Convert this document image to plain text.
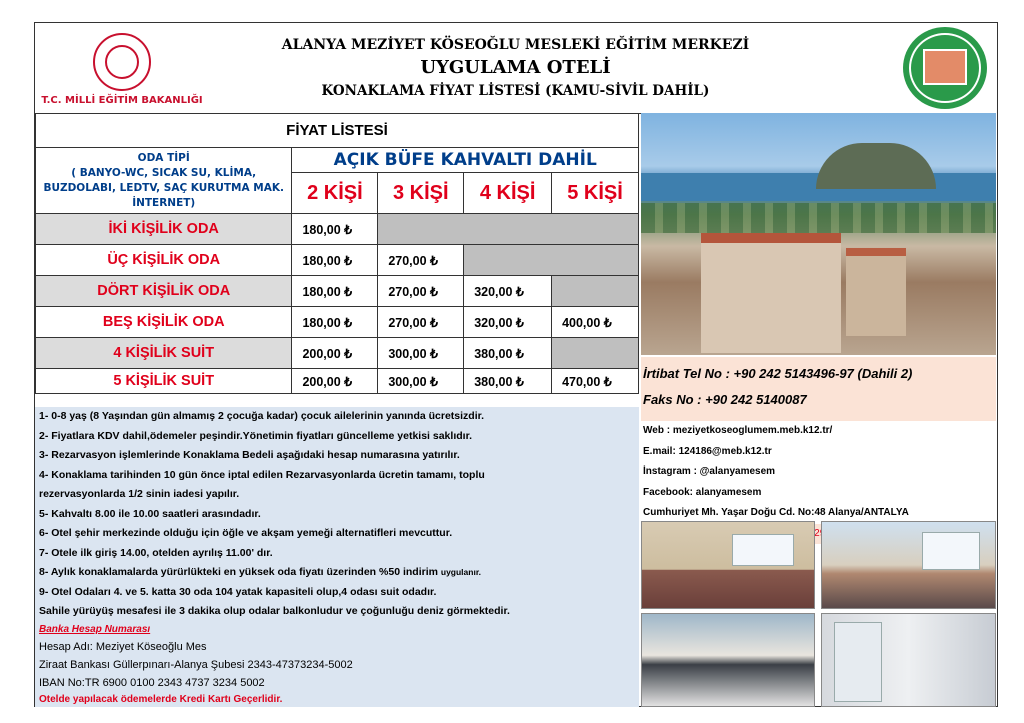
T.C. MİLLİ EĞİTİM BAKANLIĞI
ALANYA MEZİYET KÖSEOĞLU MESLEKİ EĞİTİM MERKEZİ
UYGULAMA OTELİ
KONAKLAMA FİYAT LİSTESİ (KAMU-SİVİL DAHİL)
FİYAT LİSTESİ				

ODA TİPİ
( BANYO-WC, SICAK SU, KLİMA, BUZDOLABI, LEDTV, SAÇ KURUTMA MAK. İNTERNET)	AÇIK BÜFE KAHVALTI DAHİL			
	2 KİŞİ	3 KİŞİ	4 KİŞİ	5 KİŞİ
İKİ KİŞİLİK ODA	180,00 ₺			
ÜÇ KİŞİLİK ODA	180,00 ₺	270,00 ₺		
DÖRT KİŞİLİK ODA	180,00 ₺	270,00 ₺	320,00 ₺	
BEŞ KİŞİLİK ODA	180,00 ₺	270,00 ₺	320,00 ₺	400,00 ₺
4 KİŞİLİK SUİT	200,00 ₺	300,00 ₺	380,00 ₺	
5 KİŞİLİK SUİT	200,00 ₺	300,00 ₺	380,00 ₺	470,00 ₺
1- 0-8 yaş (8 Yaşından gün almamış 2 çocuğa kadar) çocuk ailelerinin yanında ücretsizdir.
2- Fiyatlara KDV dahil,ödemeler peşindir.Yönetimin fiyatları güncelleme yetkisi saklıdır.
3- Rezarvasyon işlemlerinde Konaklama Bedeli aşağıdaki hesap numarasına yatırılır.
4- Konaklama tarihinden 10 gün önce iptal edilen Rezarvasyonlarda ücretin tamamı, toplu
rezervasyonlarda 1/2 sinin iadesi yapılır.
5- Kahvaltı 8.00 ile 10.00 saatleri arasındadır.
6- Otel şehir merkezinde olduğu için öğle ve akşam yemeği alternatifleri mevcuttur.
7- Otele ilk giriş 14.00, otelden ayrılış 11.00' dır.
8- Aylık konaklamalarda yürürlükteki en yüksek oda fiyatı üzerinden %50 indirim uygulanır.
9- Otel Odaları 4. ve 5. katta 30 oda 104 yatak kapasiteli olup,4 odası suit odadır.
Sahile yürüyüş mesafesi ile 3 dakika olup odalar balkonludur ve çoğunluğu deniz görmektedir.
Banka Hesap Numarası
Hesap Adı: Meziyet Köseoğlu Mes
Ziraat Bankası Güllerpınarı-Alanya Şubesi 2343-47373234-5002
IBAN No:TR 6900 0100 2343 4737 3234 5002
Otelde yapılacak ödemelerde Kredi Kartı Geçerlidir.
İrtibat Tel No : +90 242 5143496-97 (Dahili 2)
Faks No : +90 242 5140087
Web : meziyetkoseoglumem.meb.k12.tr/
E.mail: 124186@meb.k12.tr
İnstagram : @alanyamesem
Facebook: alanyamesem
Cumhuriyet Mh. Yaşar Doğu Cd. No:48 Alanya/ANTALYA
